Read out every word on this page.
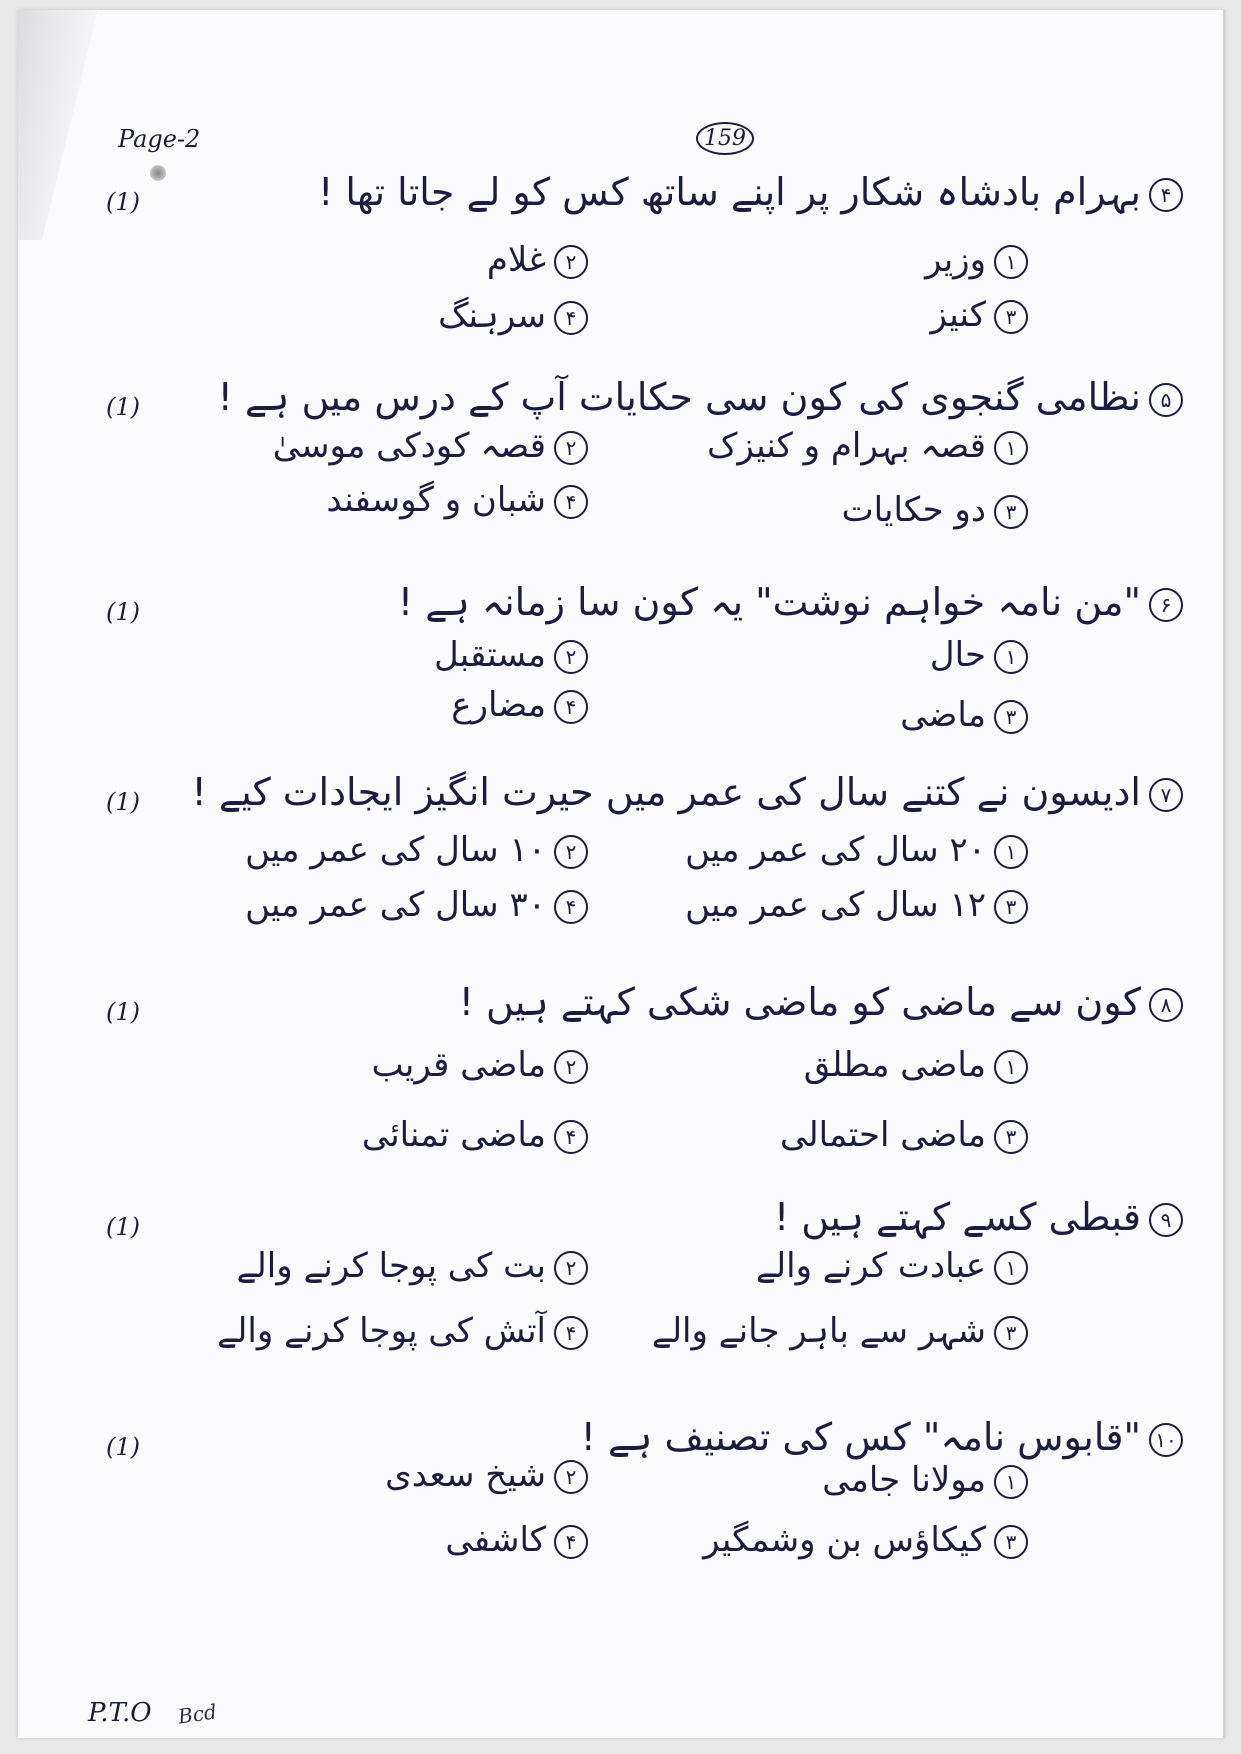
Page-2	159
(1)	۴بہرام بادشاہ شکار پر اپنے ساتھ کس کو لے جاتا تھا !
۱وزیر
۲غلام
۳کنیز
۴سرہنگ
(1)	۵نظامی گنجوی کی کون سی حکایات آپ کے درس میں ہے !
۱قصہ بہرام و کنیزک
۲قصہ کودکی موسیٰ
۳دو حکایات
۴شبان و گوسفند
(1)	۶"من نامہ خواہم نوشت" یہ کون سا زمانہ ہے !
۱حال
۲مستقبل
۳ماضی
۴مضارع
(1)	۷ادیسون نے کتنے سال کی عمر میں حیرت انگیز ایجادات کیے !
۱۲۰ سال کی عمر میں
۲۱۰ سال کی عمر میں
۳۱۲ سال کی عمر میں
۴۳۰ سال کی عمر میں
(1)	۸کون سے ماضی کو ماضی شکی کہتے ہیں !
۱ماضی مطلق
۲ماضی قریب
۳ماضی احتمالی
۴ماضی تمنائی
(1)	۹قبطی کسے کہتے ہیں !
۱عبادت کرنے والے
۲بت کی پوجا کرنے والے
۳شہر سے باہر جانے والے
۴آتش کی پوجا کرنے والے
(1)	۱۰"قابوس نامہ" کس کی تصنیف ہے !
۱مولانا جامی
۲شیخ سعدی
۳کیکاؤس بن وشمگیر
۴کاشفی
P.T.O Bcd
